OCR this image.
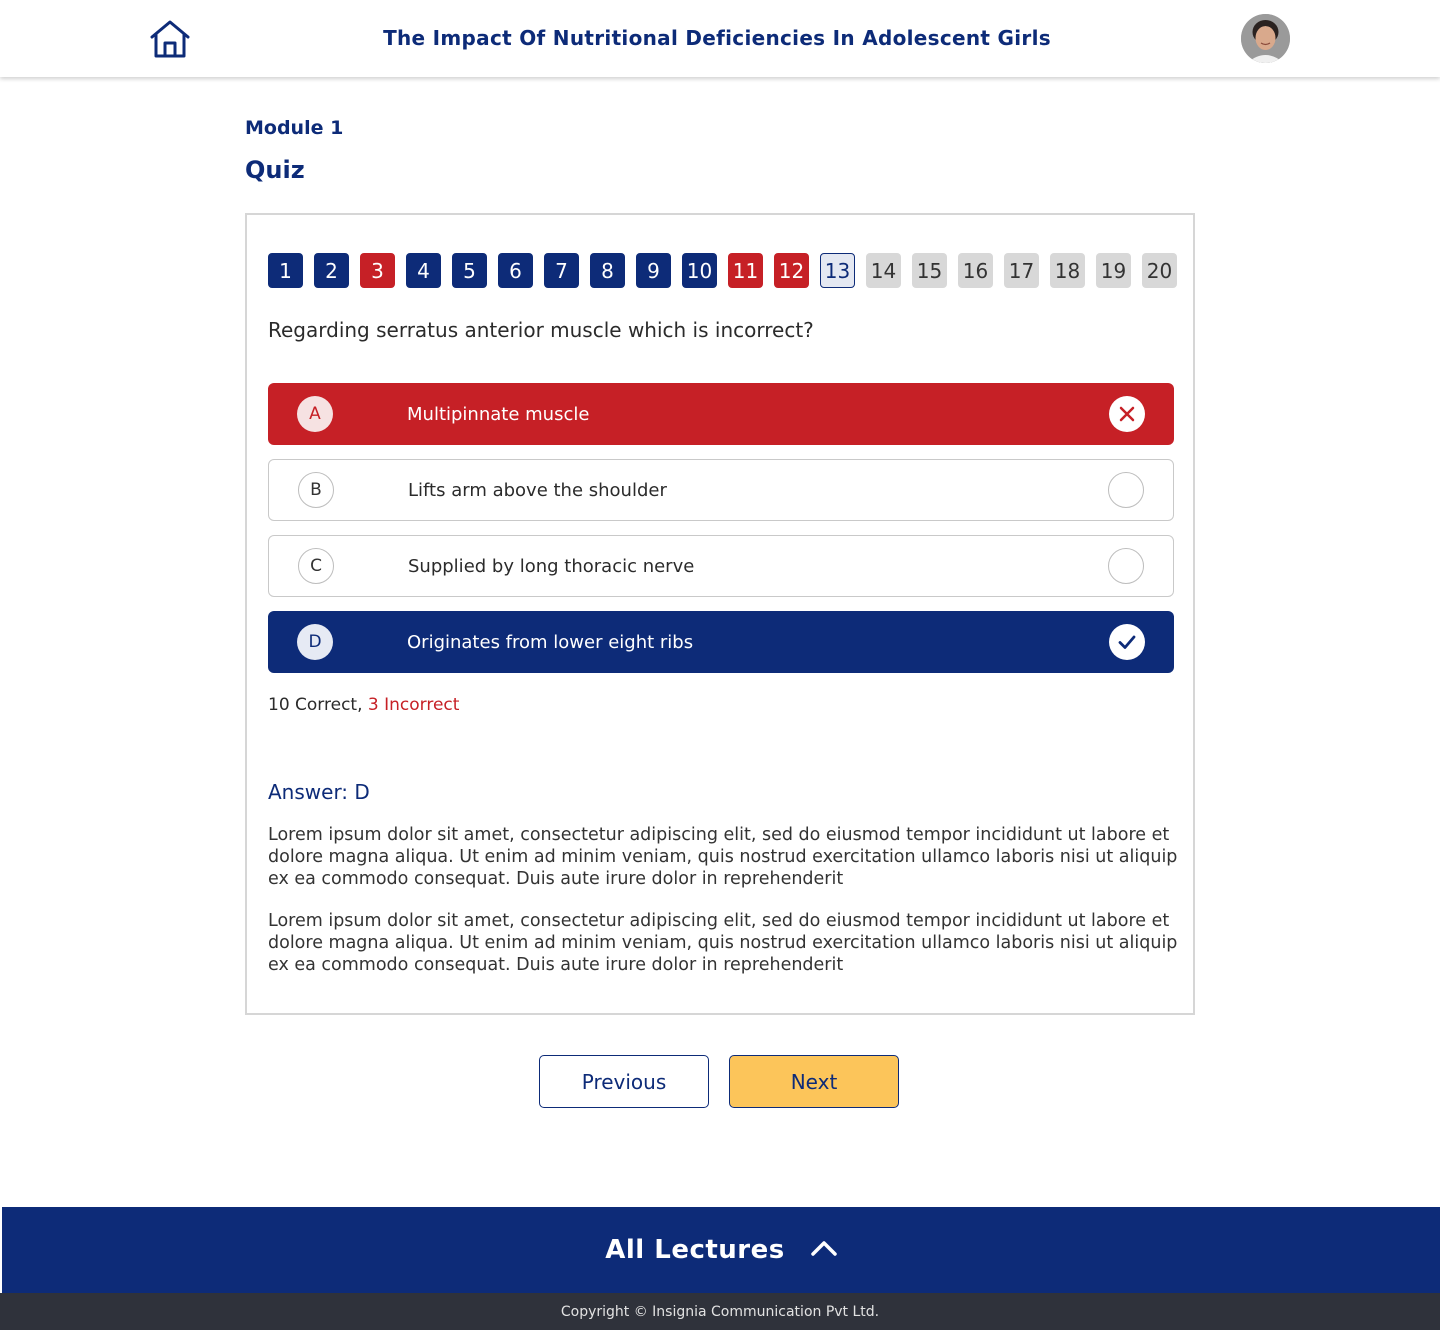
The Impact Of Nutritional Deficiencies In Adolescent Girls
Module 1
Quiz
1	2	3	4	5	6	7	8	9	10 11 12 13 14 15 16 17 18 19 20
Regarding serratus anterior muscle which is incorrect?
A	Multipinnate muscle
B	Lifts arm above the shoulder
C	Supplied by long thoracic nerve
D	Originates from lower eight ribs
10 Correct, 3 Incorrect
Answer: D
Lorem ipsum dolor sit amet, consectetur adipiscing elit, sed do eiusmod tempor incididunt ut labore et dolore magna aliqua. Ut enim ad minim veniam, quis nostrud exercitation ullamco laboris nisi ut aliquip ex ea commodo consequat. Duis aute irure dolor in reprehenderit
Lorem ipsum dolor sit amet, consectetur adipiscing elit, sed do eiusmod tempor incididunt ut labore et dolore magna aliqua. Ut enim ad minim veniam, quis nostrud exercitation ullamco laboris nisi ut aliquip ex ea commodo consequat. Duis aute irure dolor in reprehenderit
Previous	Next
All Lectures
Copyright © Insignia Communication Pvt Ltd.
